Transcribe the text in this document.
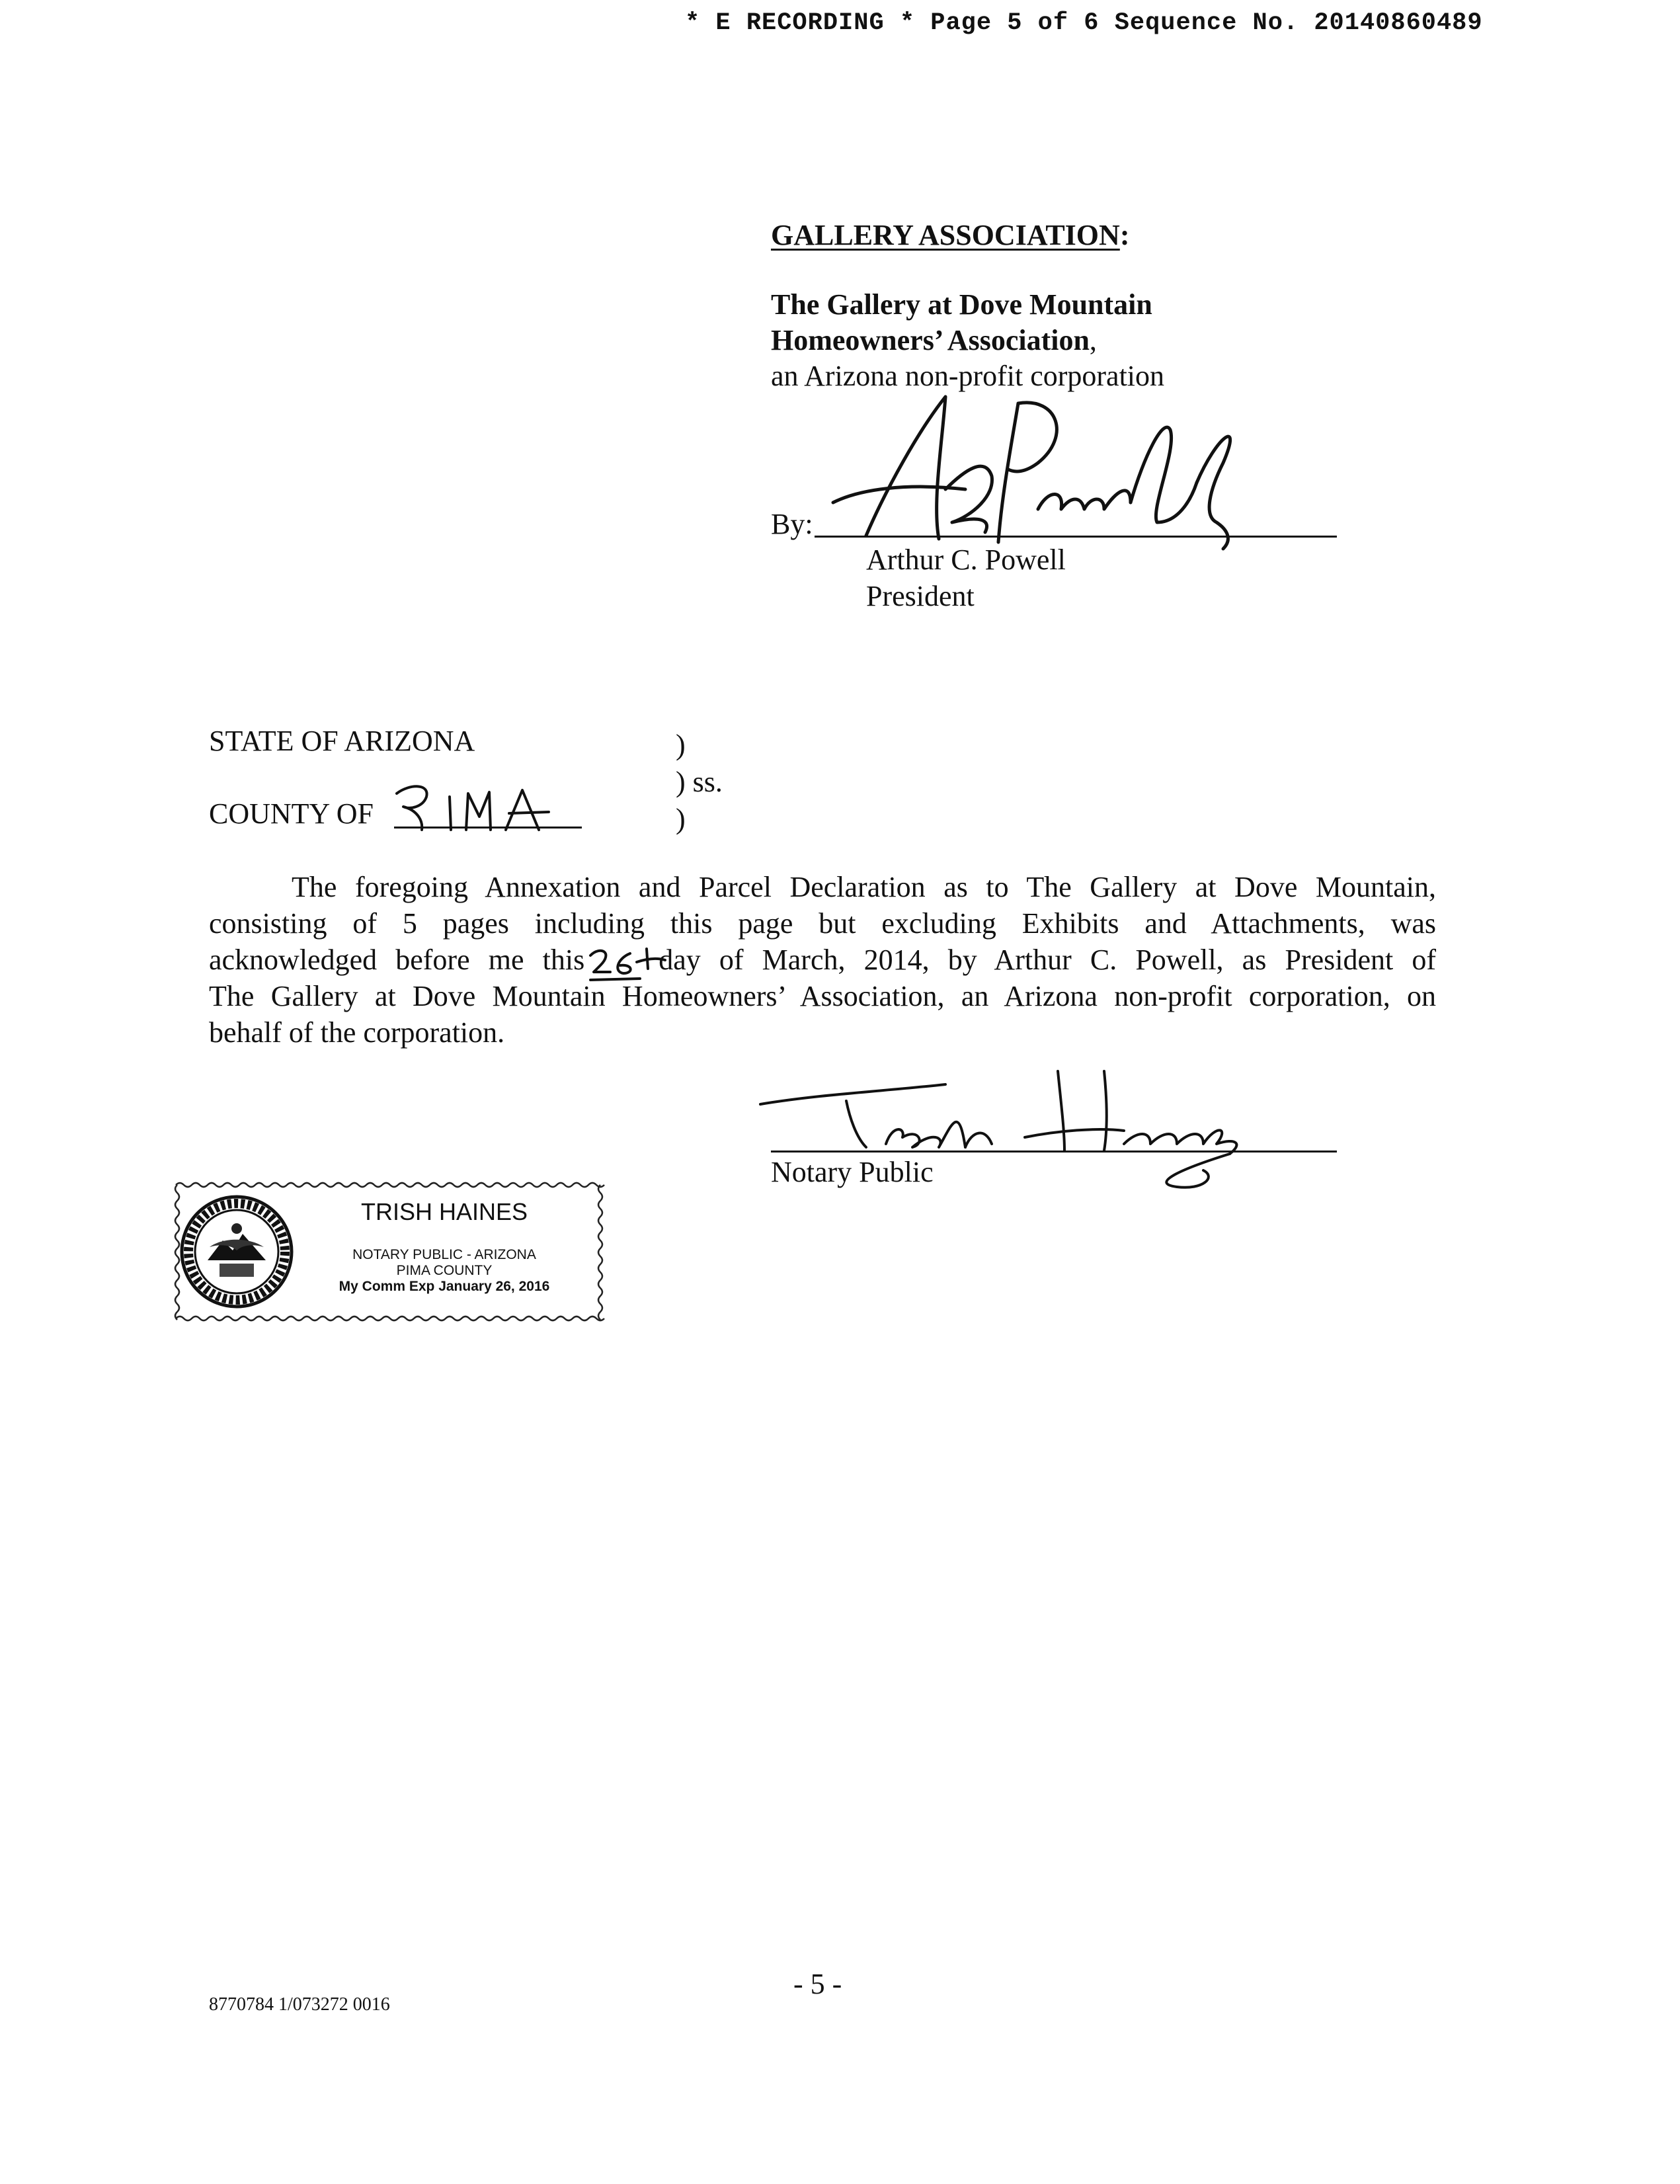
* E RECORDING * Page 5 of 6 Sequence No. 20140860489
GALLERY ASSOCIATION:
The Gallery at Dove Mountain
Homeowners’ Association,
an Arizona non-profit corporation
By:
Arthur C. Powell
President
STATE OF ARIZONA
COUNTY OF
)
) ss.
)
The foregoing Annexation and Parcel Declaration as to The Gallery at Dove Mountain,
consisting of 5 pages including this page but excluding Exhibits and Attachments, was
acknowledged before me this	day of March, 2014, by Arthur C. Powell, as President of
The Gallery at Dove Mountain Homeowners’ Association, an Arizona non-profit corporation, on
behalf of the corporation.
Notary Public
TRISH HAINES
NOTARY PUBLIC - ARIZONA
PIMA COUNTY
My Comm Exp January 26, 2016
- 5 -
8770784 1/073272 0016
